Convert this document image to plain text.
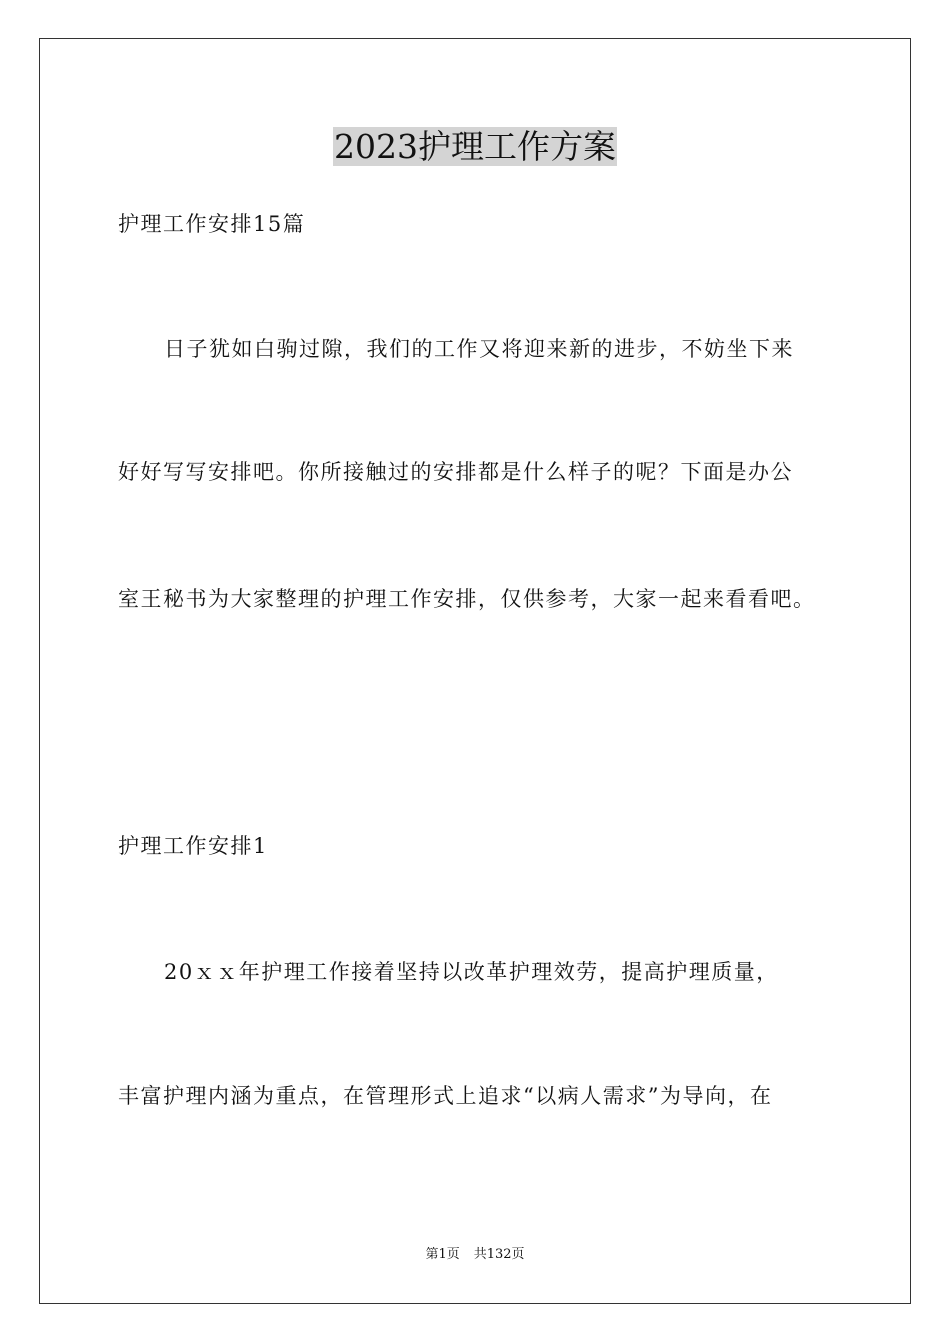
2023护理工作方案
护理工作安排15篇
日子犹如白驹过隙，我们的工作又将迎来新的进步，不妨坐下来
好好写写安排吧。你所接触过的安排都是什么样子的呢？下面是办公
室王秘书为大家整理的护理工作安排，仅供参考，大家一起来看看吧。
护理工作安排1
20ｘｘ年护理工作接着坚持以改革护理效劳，提高护理质量，
丰富护理内涵为重点，在管理形式上追求“以病人需求”为导向，在
第1页 共132页
